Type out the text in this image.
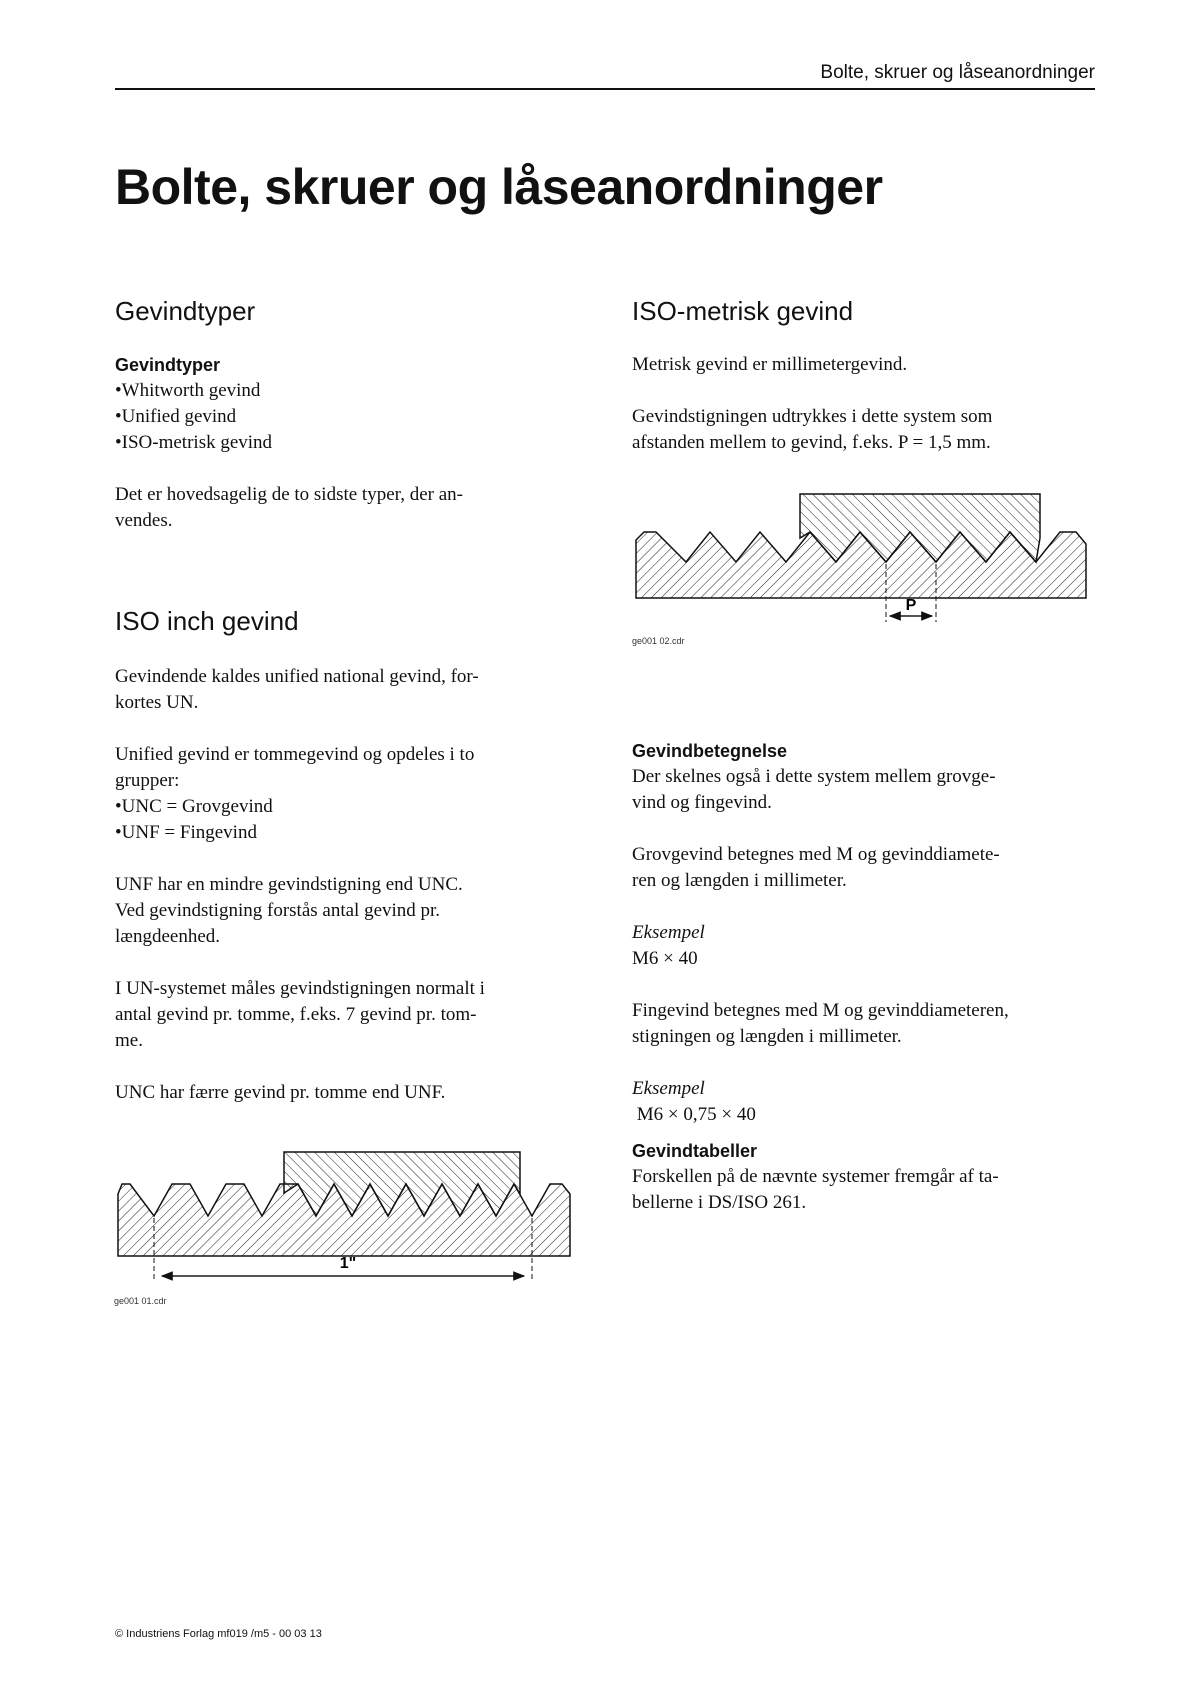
Bolte, skruer og låseanordninger
Bolte, skruer og låseanordninger
Gevindtyper
Gevindtyper
• Whitworth gevind
• Unified gevind
• ISO-metrisk gevind

Det er hovedsagelig de to sidste typer, der an-
vendes.

ISO inch gevind

Gevindende kaldes unified national gevind, for-
kortes UN.

Unified gevind er tommegevind og opdeles i to
grupper:

• UNC = Grovgevind
• UNF = Fingevind

UNF har en mindre gevindstigning end UNC.
Ved gevindstigning forstås antal gevind pr.
længdeenhed.

I UN-systemet måles gevindstigningen normalt i
antal gevind pr. tomme, f.eks. 7 gevind pr. tom-
me.

UNC har færre gevind pr. tomme end UNF.

1"
ge001 01.cdr
ISO-metrisk gevind

Metrisk gevind er millimetergevind.

Gevindstigningen udtrykkes i dette system som
afstanden mellem to gevind, f.eks. P = 1,5 mm.

Gevindbetegnelse

Der skelnes også i dette system mellem grovge-
vind og fingevind.

Grovgevind betegnes med M og gevinddiamete-
ren og længden i millimeter.

Eksempel

M6 × 40

Fingevind betegnes med M og gevinddiameteren,
stigningen og længden i millimeter.

Eksempel

M6 × 0,75 × 40

Gevindtabeller

Forskellen på de nævnte systemer fremgår af ta-
bellerne i DS/ISO 261.

P
ge001 02.cdr
© Industriens Forlag mf019 /m5 - 00 03 13
